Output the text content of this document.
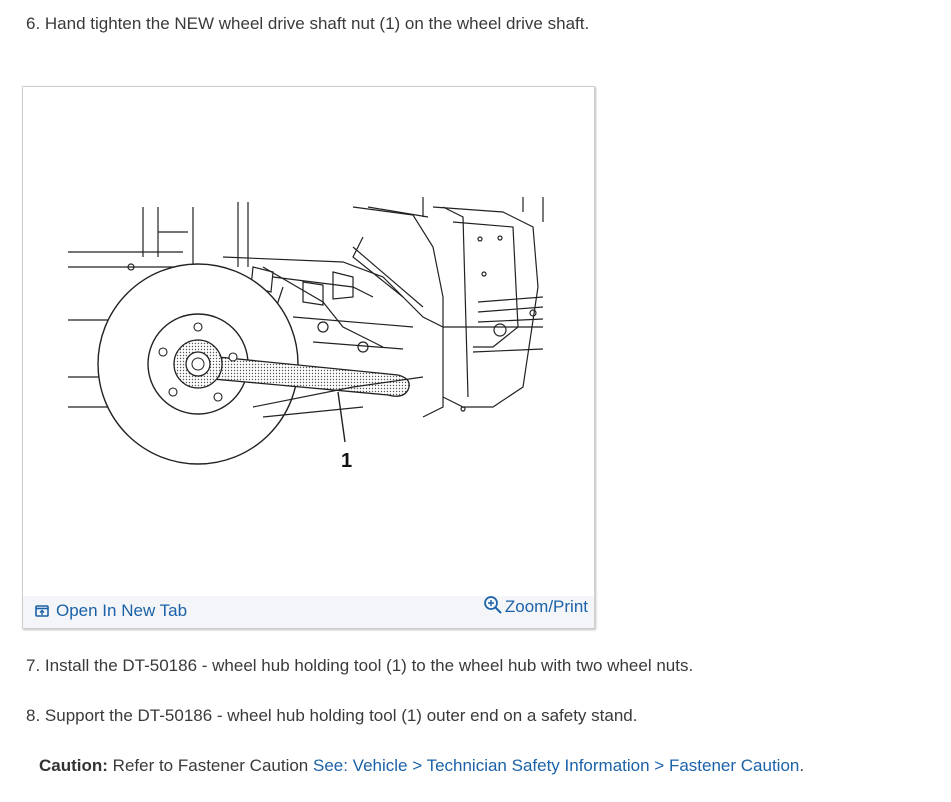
6. Hand tighten the NEW wheel drive shaft nut (1) on the wheel drive shaft.
1
Open In New Tab	Zoom/Print
7. Install the DT-50186 - wheel hub holding tool (1) to the wheel hub with two wheel nuts.
8. Support the DT-50186 - wheel hub holding tool (1) outer end on a safety stand.
Caution: Refer to Fastener Caution See: Vehicle > Technician Safety Information > Fastener Caution.
